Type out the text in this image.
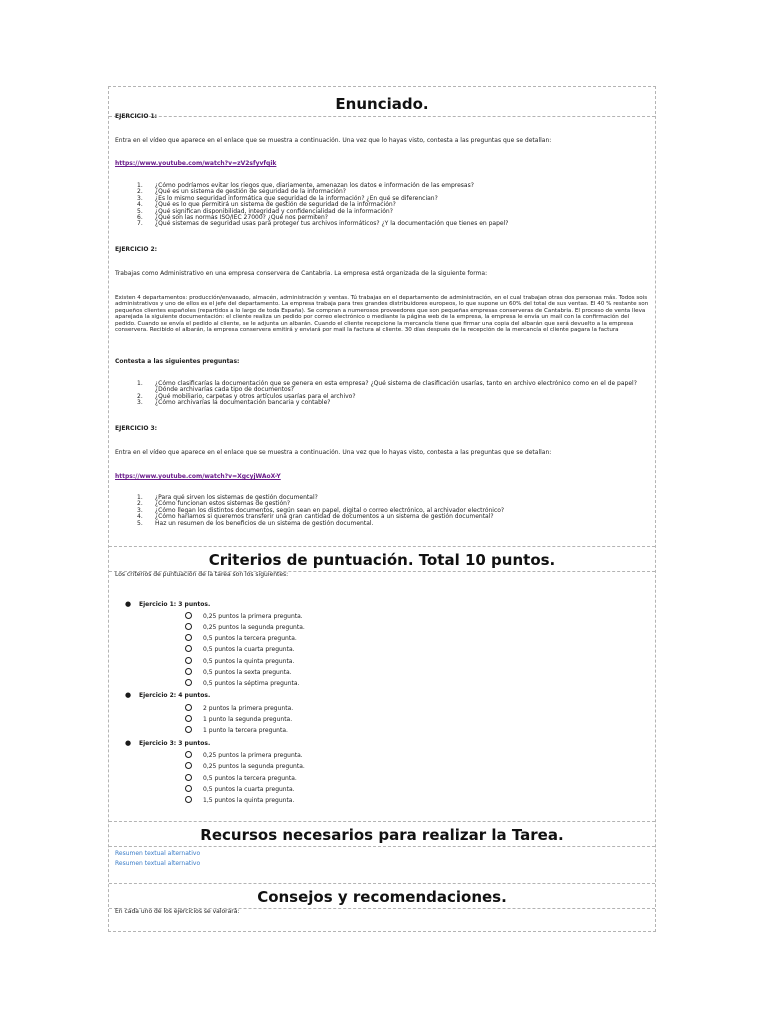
Enunciado.
EJERCICIO 1:
Entra en el vídeo que aparece en el enlace que se muestra a continuación. Una vez que lo hayas visto, contesta a las preguntas que se detallan:
https://www.youtube.com/watch?v=zV2sfyvfqik
1. ¿Cómo podríamos evitar los riegos que, diariamente, amenazan los datos e información de las empresas?
2. ¿Qué es un sistema de gestión de seguridad de la información?
3. ¿Es lo mismo seguridad informática que seguridad de la información? ¿En qué se diferencian?
4. ¿Qué es lo que permitirá un sistema de gestión de seguridad de la información?
5. ¿Qué significan disponibilidad, integridad y confidencialidad de la información?
6. ¿Qué son las normas ISO/IEC 27000? ¿Qué nos permiten?
7. ¿Qué sistemas de seguridad usas para proteger tus archivos informáticos? ¿Y la documentación que tienes en papel?
EJERCICIO 2:
Trabajas como Administrativo en una empresa conservera de Cantabria. La empresa está organizada de la siguiente forma:
Existen 4 departamentos: producción/envasado, almacén, administración y ventas. Tú trabajas en el departamento de administración, en el cual trabajan otras dos personas más. Todos sois administrativos y uno de ellos es el jefe del departamento. La empresa trabaja para tres grandes distribuidores europeos, lo que supone un 60% del total de sus ventas. El 40 % restante son pequeños clientes españoles (repartidos a lo largo de toda España). Se compran a numerosos proveedores que son pequeñas empresas conserveras de Cantabria. El proceso de venta lleva aparejada la siguiente documentación: el cliente realiza un pedido por correo electrónico o mediante la página web de la empresa, la empresa le envía un mail con la confirmación del pedido. Cuando se envía el pedido al cliente, se le adjunta un albarán. Cuando el cliente recepcione la mercancía tiene que firmar una copia del albarán que será devuelto a la empresa conservera. Recibido el albarán, la empresa conservera emitirá y enviará por mail la factura al cliente. 30 días después de la recepción de la mercancía el cliente pagara la factura
Contesta a las siguientes preguntas:
1. ¿Cómo clasificarías la documentación que se genera en esta empresa? ¿Qué sistema de clasificación usarías, tanto en archivo electrónico como en el de papel? ¿Dónde archivarías cada tipo de documentos?
2. ¿Qué mobiliario, carpetas y otros artículos usarías para el archivo?
3. ¿Cómo archivarías la documentación bancaria y contable?
EJERCICIO 3:
Entra en el vídeo que aparece en el enlace que se muestra a continuación. Una vez que lo hayas visto, contesta a las preguntas que se detallan:
https://www.youtube.com/watch?v=XgcyjWAoX-Y
1. ¿Para qué sirven los sistemas de gestión documental?
2. ¿Cómo funcionan estos sistemas de gestión?
3. ¿Cómo llegan los distintos documentos, según sean en papel, digital o correo electrónico, al archivador electrónico?
4. ¿Cómo haríamos si queremos transferir una gran cantidad de documentos a un sistema de gestión documental?
5. Haz un resumen de los beneficios de un sistema de gestión documental.
Criterios de puntuación. Total 10 puntos.
Los criterios de puntuación de la tarea son los siguientes:
● Ejercicio 1: 3 puntos.
0,25 puntos la primera pregunta.
0,25 puntos la segunda pregunta.
0,5 puntos la tercera pregunta.
0,5 puntos la cuarta pregunta.
0,5 puntos la quinta pregunta.
0,5 puntos la sexta pregunta.
0,5 puntos la séptima pregunta.
● Ejercicio 2: 4 puntos.
2 puntos la primera pregunta.
1 punto la segunda pregunta.
1 punto la tercera pregunta.
● Ejercicio 3: 3 puntos.
0,25 puntos la primera pregunta.
0,25 puntos la segunda pregunta.
0,5 puntos la tercera pregunta.
0,5 puntos la cuarta pregunta.
1,5 puntos la quinta pregunta.
Recursos necesarios para realizar la Tarea.
Resumen textual alternativo
Resumen textual alternativo
Consejos y recomendaciones.
En cada uno de los ejercicios se valorará:
